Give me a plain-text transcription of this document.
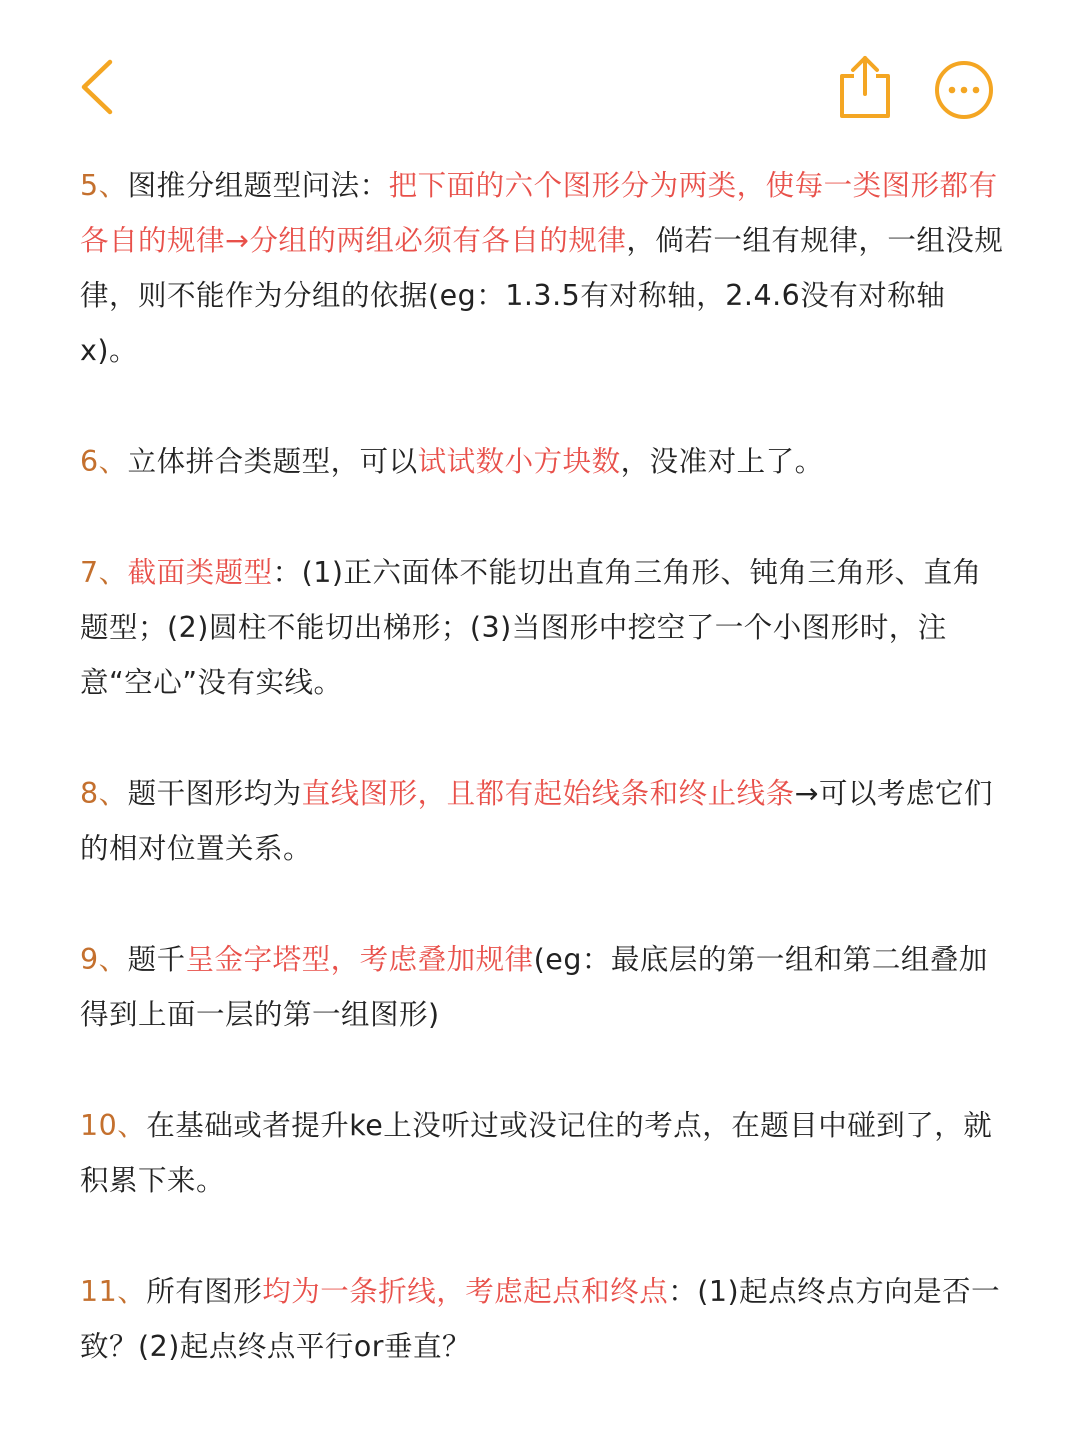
5、图推分组题型问法：把下面的六个图形分为两类，使每一类图形都有各自的规律→分组的两组必须有各自的规律，倘若一组有规律，一组没规律，则不能作为分组的依据(eg：1.3.5有对称轴，2.4.6没有对称轴 x)。

6、立体拼合类题型，可以试试数小方块数，没准对上了。

7、截面类题型：(1)正六面体不能切出直角三角形、钝角三角形、直角题型；(2)圆柱不能切出梯形；(3)当图形中挖空了一个小图形时，注意“空心”没有实线。

8、题干图形均为直线图形，且都有起始线条和终止线条→可以考虑它们的相对位置关系。

9、题千呈金字塔型，考虑叠加规律(eg：最底层的第一组和第二组叠加得到上面一层的第一组图形)

10、在基础或者提升ke上没听过或没记住的考点，在题目中碰到了，就积累下来。

11、所有图形均为一条折线，考虑起点和终点：(1)起点终点方向是否一致？(2)起点终点平行or垂直？
